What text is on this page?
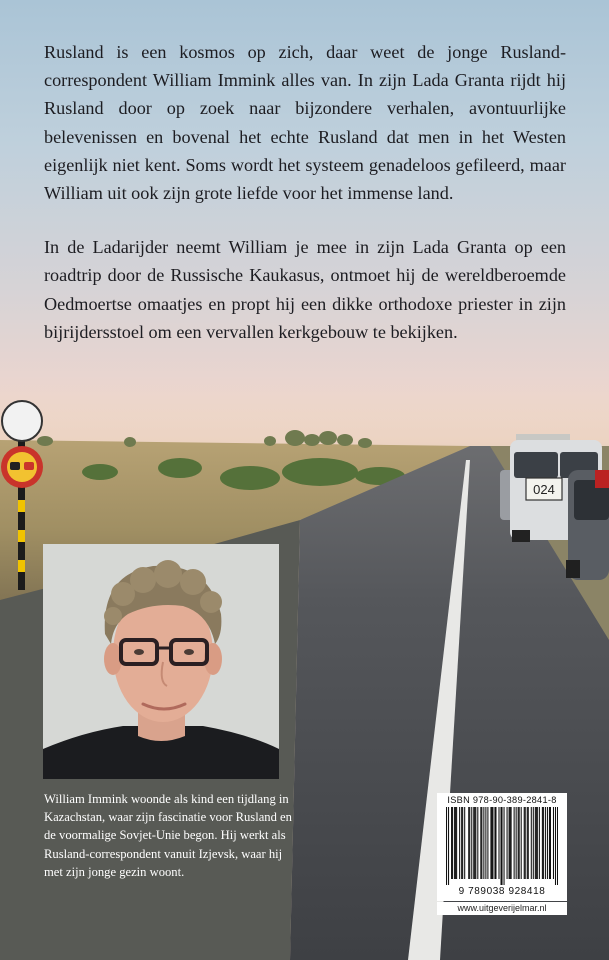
024

Rusland is een kosmos op zich, daar weet de jonge Rusland-correspondent William Immink alles van. In zijn Lada Granta rijdt hij Rusland door op zoek naar bijzondere verhalen, avontuurlijke belevenissen en bovenal het echte Rusland dat men in het Westen eigenlijk niet kent. Soms wordt het systeem genadeloos gefileerd, maar William uit ook zijn grote liefde voor het immense land.

In de Ladarijder neemt William je mee in zijn Lada Granta op een roadtrip door de Russische Kaukasus, ontmoet hij de wereldberoemde Oedmoertse omaatjes en propt hij een dikke orthodoxe priester in zijn bijrijdersstoel om een vervallen kerkgebouw te bekijken.

William Immink woonde als kind een tijdlang in Kazachstan, waar zijn fascinatie voor Rusland en de voormalige Sovjet-Unie begon. Hij werkt als Rusland-correspondent vanuit Izjevsk, waar hij met zijn jonge gezin woont.
ISBN 978-90-389-2841-8
9 789038 928418
www.uitgeverijelmar.nl
